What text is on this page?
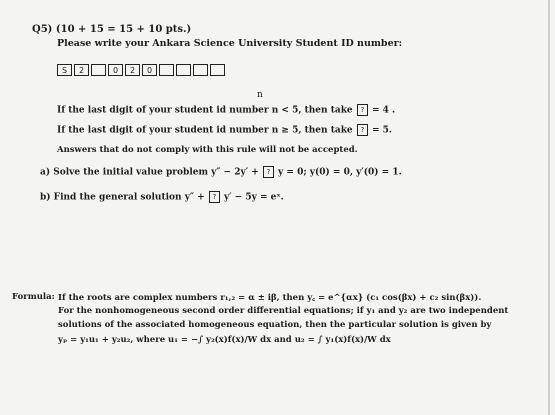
Q5) (10 + 15 = 15 + 10 pts.)
Please write your Ankara Science University Student ID number:
S	2	0	2	0
n
If the last digit of your student id number n < 5, then take ? = 4 .
If the last digit of your student id number n ≥ 5, then take ? = 5.
Answers that do not comply with this rule will not be accepted.
a) Solve the initial value problem y″ − 2y′ + ? y = 0; y(0) = 0, y′(0) = 1.
b) Find the general solution y″ + ? y′ − 5y = eˣ.
Formula: If the roots are complex numbers r₁,₂ = α ± iβ, then y꜀ = e^{αx} (c₁ cos(βx) + c₂ sin(βx)).
For the nonhomogeneous second order differential equations; if y₁ and y₂ are two independent
solutions of the associated homogeneous equation, then the particular solution is given by
yₚ = y₁u₁ + y₂u₂, where u₁ = −∫ y₂(x)f(x)/W dx and u₂ = ∫ y₁(x)f(x)/W dx
